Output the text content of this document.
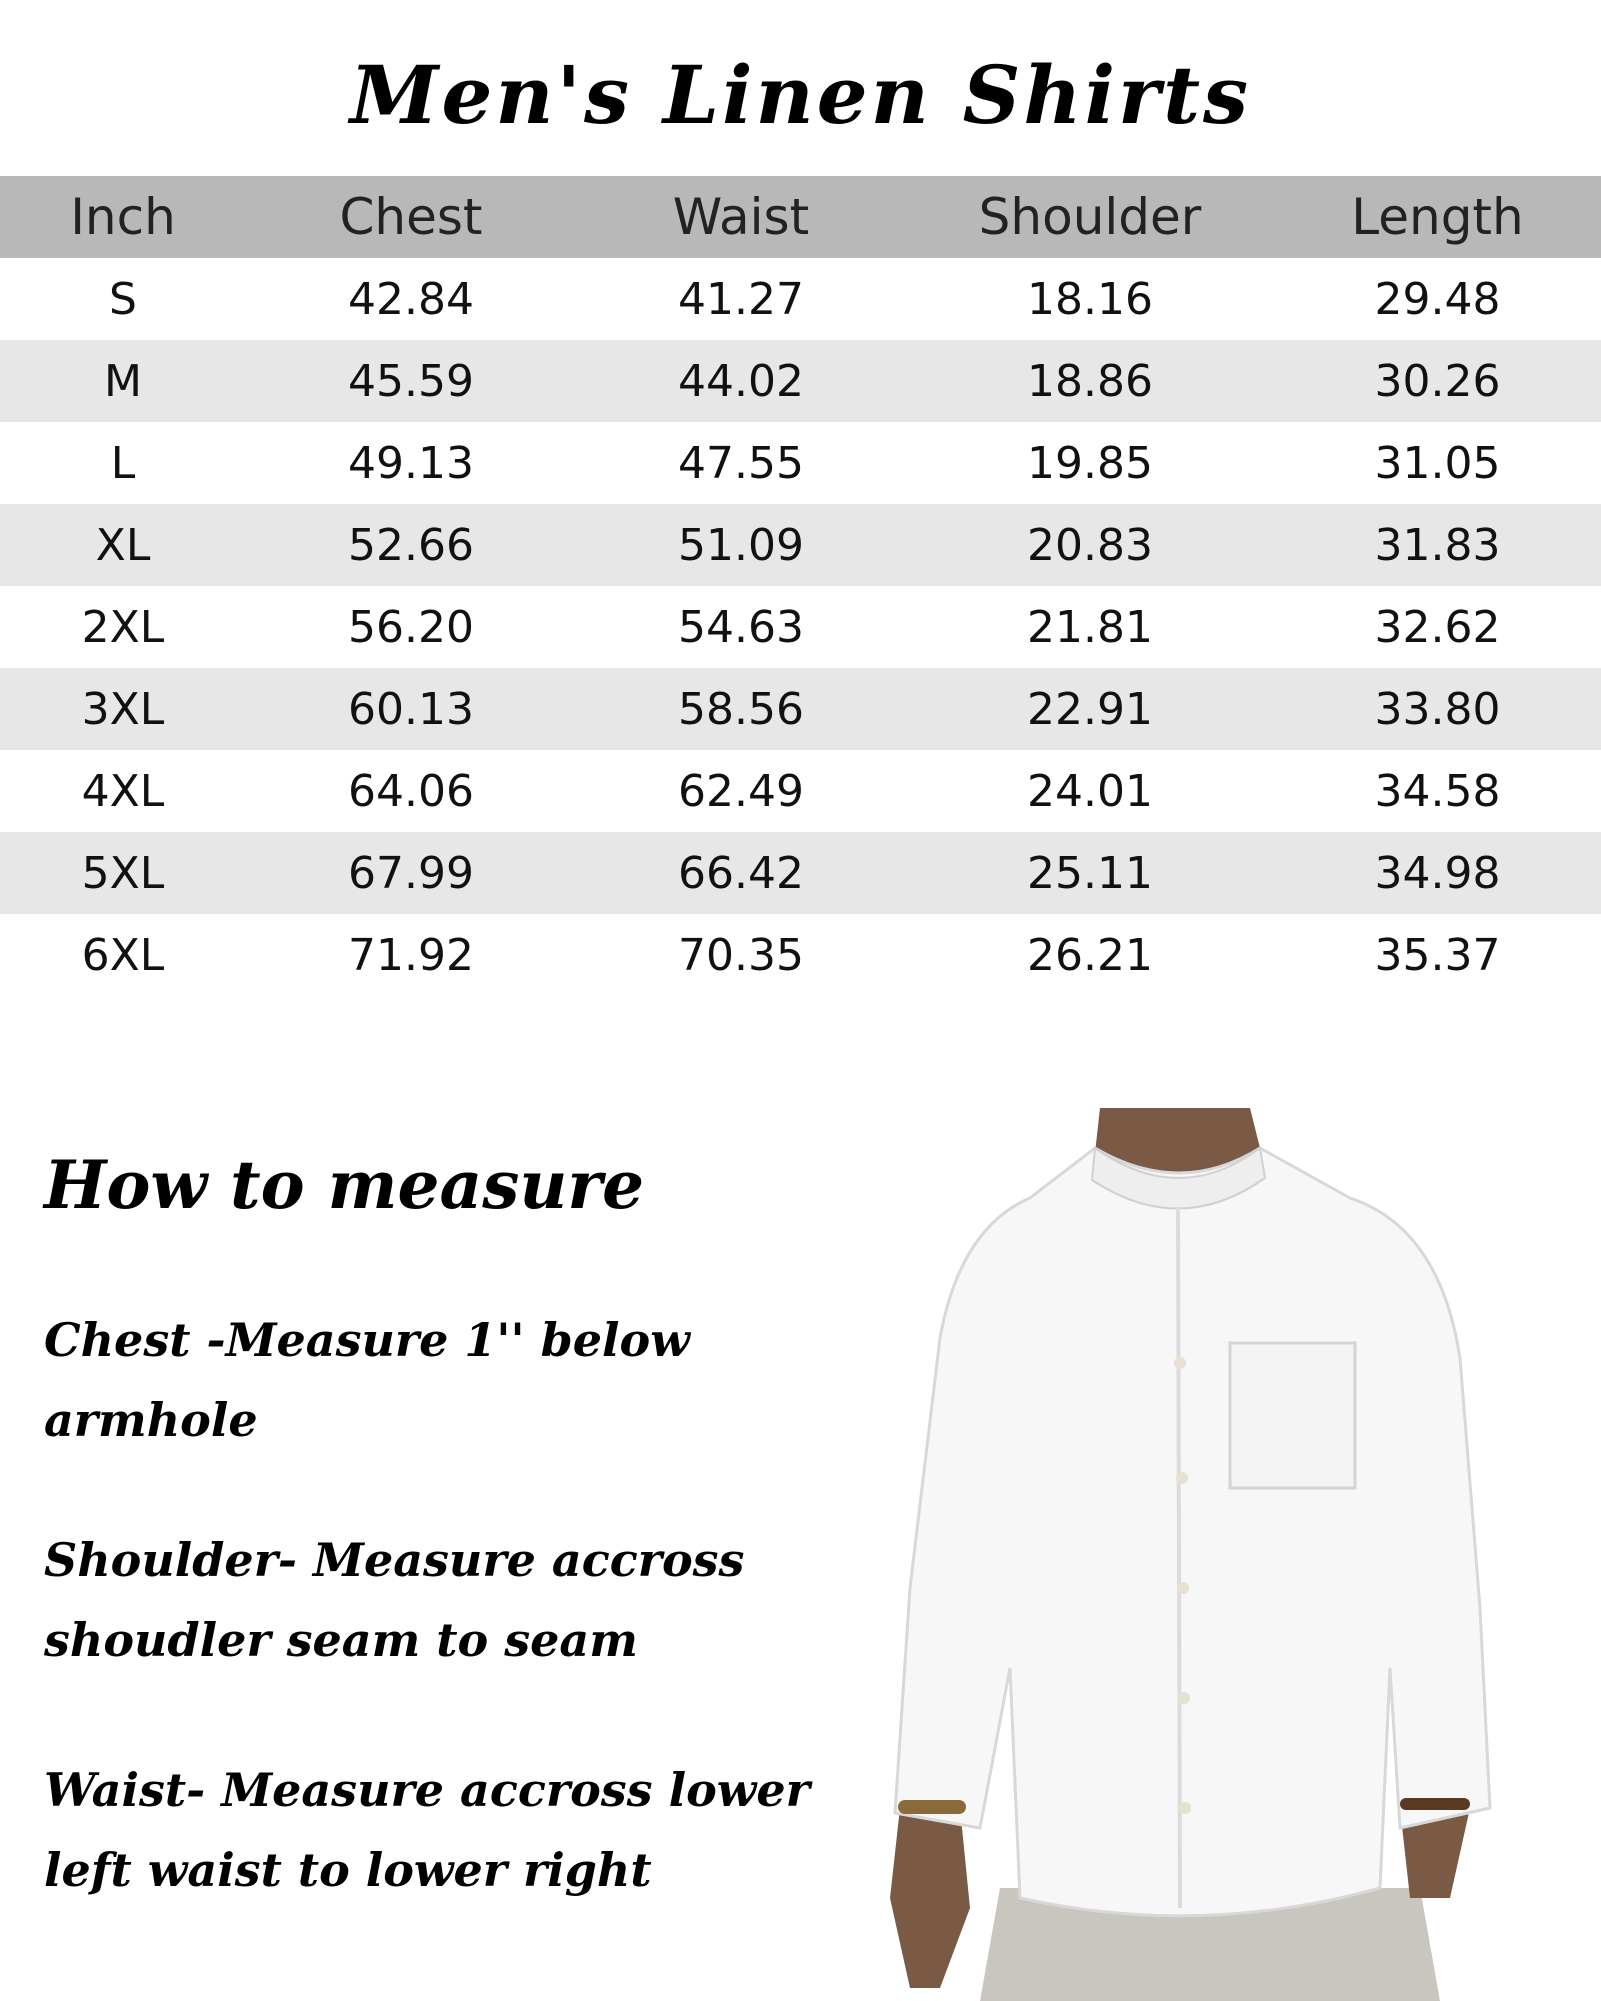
Men's Linen Shirts
Inch	Chest	Waist	Shoulder	Length
S	42.84	41.27	18.16	29.48
M	45.59	44.02	18.86	30.26
L	49.13	47.55	19.85	31.05
XL	52.66	51.09	20.83	31.83
2XL	56.20	54.63	21.81	32.62
3XL	60.13	58.56	22.91	33.80
4XL	64.06	62.49	24.01	34.58
5XL	67.99	66.42	25.11	34.98
6XL	71.92	70.35	26.21	35.37
How to measure
Chest -Measure 1'' below armhole
Shoulder- Measure accross shoudler seam to seam
Waist- Measure accross lower left waist to lower right
